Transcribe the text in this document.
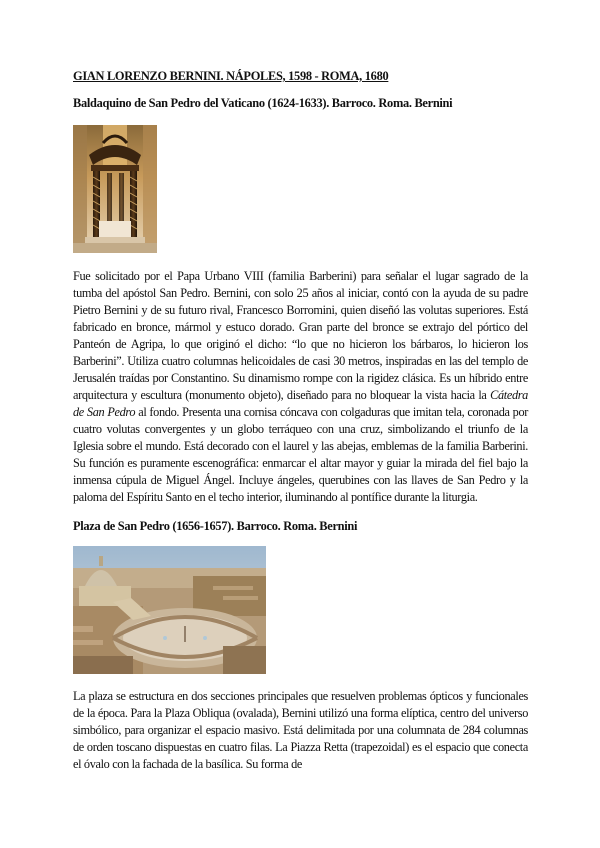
GIAN LORENZO BERNINI. NÁPOLES, 1598 - ROMA, 1680
Baldaquino de San Pedro del Vaticano (1624-1633). Barroco. Roma. Bernini
Fue solicitado por el Papa Urbano VIII (familia Barberini) para señalar el lugar sagrado de la tumba del apóstol San Pedro. Bernini, con solo 25 años al iniciar, contó con la ayuda de su padre Pietro Bernini y de su futuro rival, Francesco Borromini, quien diseñó las volutas superiores. Está fabricado en bronce, mármol y estuco dorado. Gran parte del bronce se extrajo del pórtico del Panteón de Agripa, lo que originó el dicho: “lo que no hicieron los bárbaros, lo hicieron los Barberini”. Utiliza cuatro columnas helicoidales de casi 30 metros, inspiradas en las del templo de Jerusalén traídas por Constantino. Su dinamismo rompe con la rigidez clásica. Es un híbrido entre arquitectura y escultura (monumento objeto), diseñado para no bloquear la vista hacia la Cátedra de San Pedro al fondo. Presenta una cornisa cóncava con colgaduras que imitan tela, coronada por cuatro volutas convergentes y un globo terráqueo con una cruz, simbolizando el triunfo de la Iglesia sobre el mundo. Está decorado con el laurel y las abejas, emblemas de la familia Barberini. Su función es puramente escenográfica: enmarcar el altar mayor y guiar la mirada del fiel bajo la inmensa cúpula de Miguel Ángel. Incluye ángeles, querubines con las llaves de San Pedro y la paloma del Espíritu Santo en el techo interior, iluminando al pontífice durante la liturgia.
Plaza de San Pedro (1656-1657). Barroco. Roma. Bernini
La plaza se estructura en dos secciones principales que resuelven problemas ópticos y funcionales de la época. Para la Plaza Obliqua (ovalada), Bernini utilizó una forma elíptica, centro del universo simbólico, para organizar el espacio masivo. Está delimitada por una columnata de 284 columnas de orden toscano dispuestas en cuatro filas. La Piazza Retta (trapezoidal) es el espacio que conecta el óvalo con la fachada de la basílica. Su forma de
